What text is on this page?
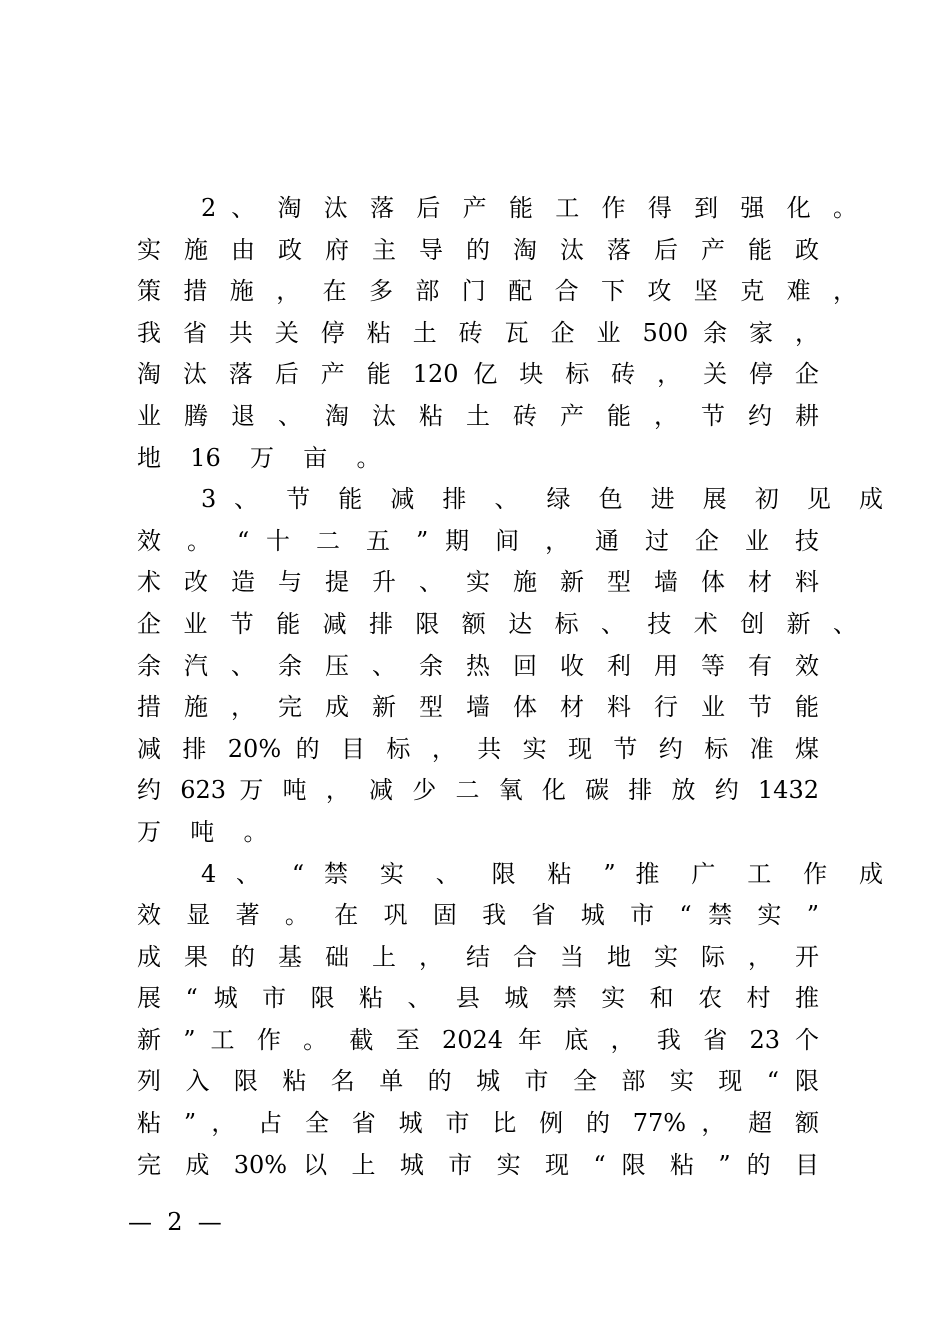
2 、 淘 汰 落 后 产 能 工 作 得 到 强 化 。
实 施 由 政 府 主 导 的 淘 汰 落 后 产 能 政
策 措 施 ， 在 多 部 门 配 合 下 攻 坚 克 难 ，
我 省 共 关 停 粘 土 砖 瓦 企 业 500 余 家 ，
淘 汰 落 后 产 能 120 亿 块 标 砖 ， 关 停 企
业 腾 退 、 淘 汰 粘 土 砖 产 能 ， 节 约 耕
地 16 万 亩 。
3 、 节 能 减 排 、 绿 色 进 展 初 见 成
效 。 “ 十 二 五 ” 期 间 ， 通 过 企 业 技
术 改 造 与 提 升 、 实 施 新 型 墙 体 材 料
企 业 节 能 减 排 限 额 达 标 、 技 术 创 新 、
余 汽 、 余 压 、 余 热 回 收 利 用 等 有 效
措 施 ， 完 成 新 型 墙 体 材 料 行 业 节 能
减 排 20% 的 目 标 ， 共 实 现 节 约 标 准 煤
约 623 万 吨 ， 减 少 二 氧 化 碳 排 放 约 1432
万 吨 。
4 、 “ 禁 实 、 限 粘 ” 推 广 工 作 成
效 显 著 。 在 巩 固 我 省 城 市 “ 禁 实 ”
成 果 的 基 础 上 ， 结 合 当 地 实 际 ， 开
展 “ 城 市 限 粘 、 县 城 禁 实 和 农 村 推
新 ” 工 作 。 截 至 2024 年 底 ， 我 省 23 个
列 入 限 粘 名 单 的 城 市 全 部 实 现 “ 限
粘 ” ， 占 全 省 城 市 比 例 的 77% ， 超 额
完 成 30% 以 上 城 市 实 现 “ 限 粘 ” 的 目
—  2  —
